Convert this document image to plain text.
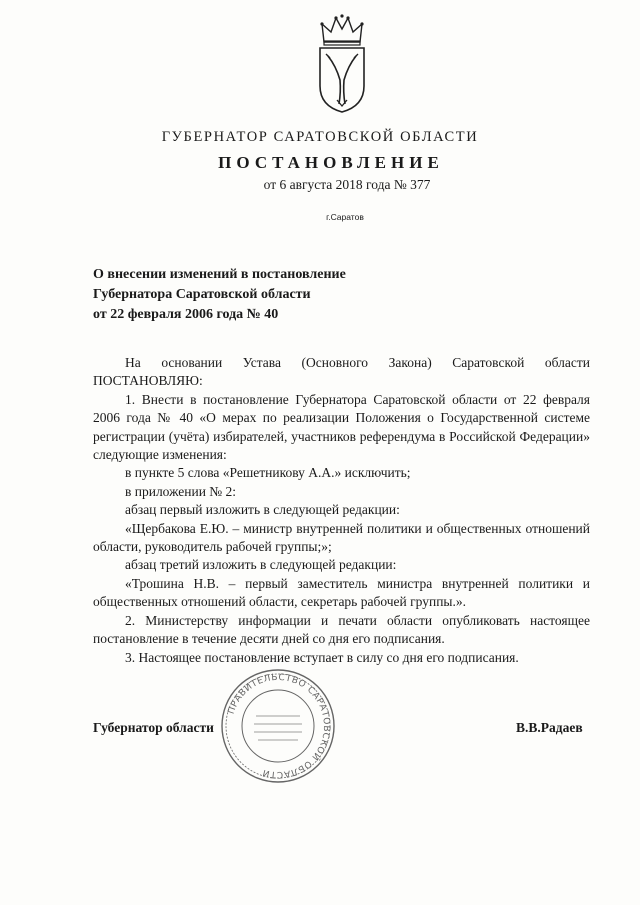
ГУБЕРНАТОР САРАТОВСКОЙ ОБЛАСТИ
ПОСТАНОВЛЕНИЕ
от 6 августа 2018 года № 377
г.Саратов
О внесении изменений в постановление
Губернатора Саратовской области
от 22 февраля 2006 года № 40

На основании Устава (Основного Закона) Саратовской области ПОСТАНОВЛЯЮ:

1. Внести в постановление Губернатора Саратовской области от 22 февраля 2006 года № 40 «О мерах по реализации Положения о Государственной системе регистрации (учёта) избирателей, участников референдума в Российской Федерации» следующие изменения:

в пункте 5 слова «Решетникову А.А.» исключить;

в приложении № 2:

абзац первый изложить в следующей редакции:

«Щербакова Е.Ю. – министр внутренней политики и общественных отношений области, руководитель рабочей группы;»;

абзац третий изложить в следующей редакции:

«Трошина Н.В. – первый заместитель министра внутренней политики и общественных отношений области, секретарь рабочей группы.».

2. Министерству информации и печати области опубликовать настоящее постановление в течение десяти дней со дня его подписания.

3. Настоящее постановление вступает в силу со дня его подписания.

ПРАВИТЕЛЬСТВО САРАТОВСКОЙ ОБЛАСТИ
Губернатор области	В.В.Радаев
